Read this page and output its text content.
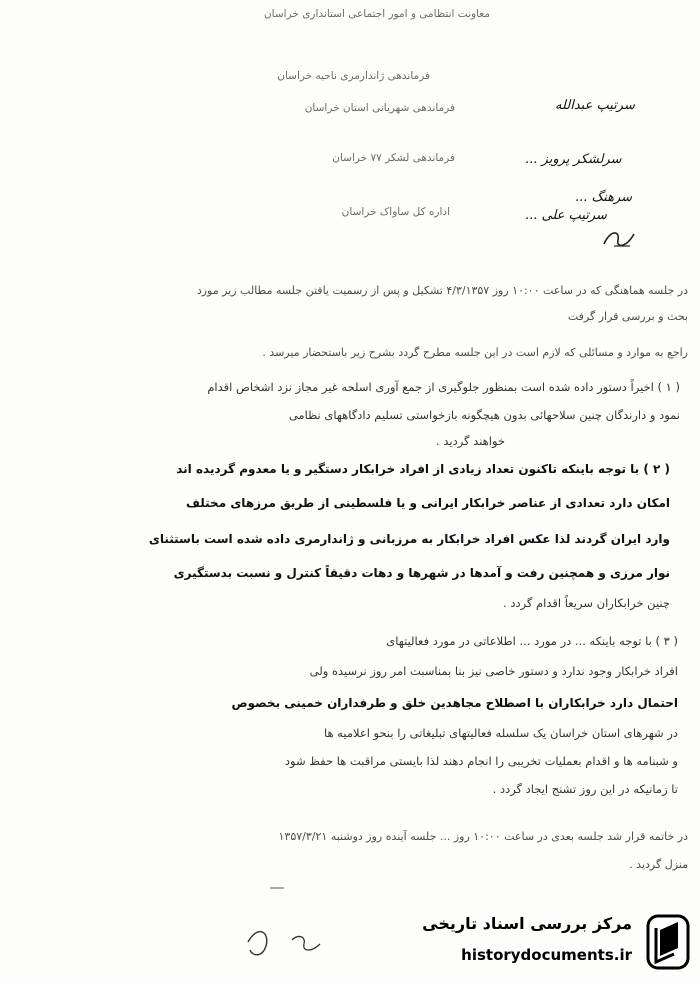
معاونت انتظامی و امور اجتماعی استانداری خراسان
فرماندهی ژاندارمری ناحیه خراسان
فرماندهی شهربانی استان خراسان
فرماندهی لشکر ۷۷ خراسان
اداره کل ساواک خراسان
سرتیپ عبدالله
سرلشکر پرویز ...
سرهنگ ...
سرتیپ علی ...
در جلسه هماهنگی که در ساعت ۱۰:۰۰ روز ۴/۳/۱۳۵۷ تشکیل و پس از رسمیت یافتن جلسه مطالب زیر مورد
بحث و بررسی قرار گرفت
راجع به موارد و مسائلی که لازم است در این جلسه مطرح گردد بشرح زیر باستحضار میرسد .
( ۱ ) اخیراً دستور داده شده است بمنظور جلوگیری از جمع آوری اسلحه غیر مجاز نزد اشخاص اقدام
نمود و دارندگان چنین سلاحهائی بدون هیچگونه بازخواستی تسلیم دادگاههای نظامی
خواهند گردید .
( ۲ ) با توجه باینکه تاکنون تعداد زیادی از افراد خرابکار دستگیر و یا معدوم گردیده اند
امکان دارد تعدادی از عناصر خرابکار ایرانی و یا فلسطینی از طریق مرزهای مختلف
وارد ایران گردند لذا عکس افراد خرابکار به مرزبانی و ژاندارمری داده شده است باستثنای
نوار مرزی و همچنین رفت و آمدها در شهرها و دهات دقیقاً کنترل و نسبت بدستگیری
چنین خرابکاران سریعاً اقدام گردد .
( ۳ ) با توجه باینکه ... در مورد ... اطلاعاتی در مورد فعالیتهای
افراد خرابکار وجود ندارد و دستور خاصی نیز بنا بمناسبت امر روز نرسیده ولی
احتمال دارد خرابکاران با اصطلاح مجاهدین خلق و طرفداران خمینی بخصوص
در شهرهای استان خراسان یک سلسله فعالیتهای تبلیغاتی را بنحو اعلامیه ها
و شبنامه ها و اقدام بعملیات تخریبی را انجام دهند لذا بایستی مراقبت ها حفظ شود
تا زمانیکه در این روز تشنج ایجاد گردد .
در خاتمه قرار شد جلسه بعدی در ساعت ۱۰:۰۰ روز ... جلسه آینده روز دوشنبه ۱۳۵۷/۳/۲۱
منزل گردید .
مرکز بررسی اسناد تاریخی
historydocuments.ir
